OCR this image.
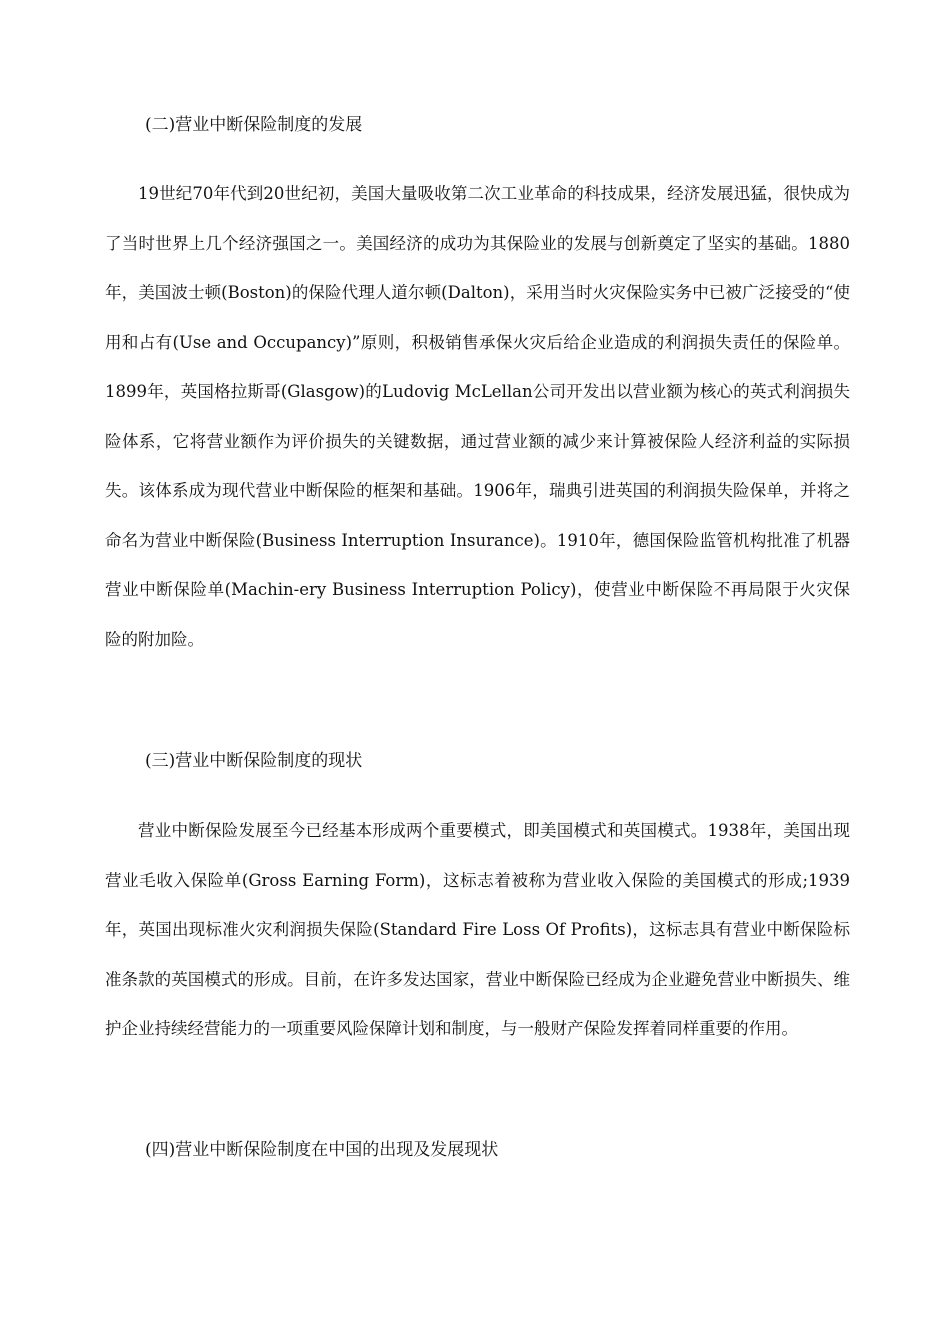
(二)营业中断保险制度的发展

19世纪70年代到20世纪初，美国大量吸收第二次工业革命的科技成果，经济发展迅猛，很快成为了当时世界上几个经济强国之一。美国经济的成功为其保险业的发展与创新奠定了坚实的基础。1880年，美国波士顿(Boston)的保险代理人道尔顿(Dalton)，采用当时火灾保险实务中已被广泛接受的“使用和占有(Use and Occupancy)”原则，积极销售承保火灾后给企业造成的利润损失责任的保险单。1899年，英国格拉斯哥(Glasgow)的Ludovig McLellan公司开发出以营业额为核心的英式利润损失险体系，它将营业额作为评价损失的关键数据，通过营业额的减少来计算被保险人经济利益的实际损失。该体系成为现代营业中断保险的框架和基础。1906年，瑞典引进英国的利润损失险保单，并将之命名为营业中断保险(Business Interruption Insurance)。1910年，德国保险监管机构批准了机器营业中断保险单(Machin-ery Business Interruption Policy)，使营业中断保险不再局限于火灾保险的附加险。

(三)营业中断保险制度的现状

营业中断保险发展至今已经基本形成两个重要模式，即美国模式和英国模式。1938年，美国出现营业毛收入保险单(Gross Earning Form)，这标志着被称为营业收入保险的美国模式的形成;1939年，英国出现标准火灾利润损失保险(Standard Fire Loss Of Profits)，这标志具有营业中断保险标准条款的英国模式的形成。目前，在许多发达国家，营业中断保险已经成为企业避免营业中断损失、维护企业持续经营能力的一项重要风险保障计划和制度，与一般财产保险发挥着同样重要的作用。

(四)营业中断保险制度在中国的出现及发展现状
